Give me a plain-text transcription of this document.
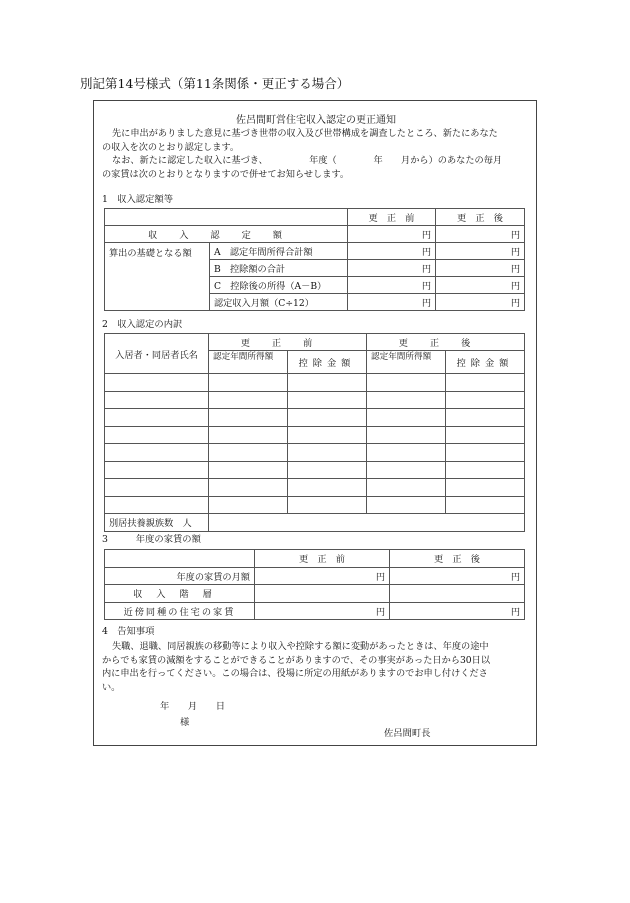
別記第14号様式（第11条関係・更正する場合）
佐呂間町営住宅収入認定の更正通知
先に申出がありました意見に基づき世帯の収入及び世帯構成を調査したところ、新たにあなた
の収入を次のとおり認定します。
なお、新たに認定した収入に基づき、　　　　　年度（　　　　年　　月から）のあなたの毎月
の家賃は次のとおりとなりますので併せてお知らせします。
1　収入認定額等
		更　正　前	更　正　後
収入認定額		円	円
算出の基礎となる額	A　認定年間所得合計額	円	円
	B　控除額の合計	円	円
	C　控除後の所得（A－B）	円	円
	認定収入月額（C÷12）	円	円
2　収入認定の内訳
入居者・同居者氏名	更正前		更正後	
	認定年間所得額	控除金額	認定年間所得額	控除金額

別居扶養親族数　人				
3　　　年度の家賃の額
	更　正　前	更　正　後
年度の家賃の月額	円	円
収入階層		
近傍同種の住宅の家賃	円	円
4　告知事項
失職、退職、同居親族の移動等により収入や控除する額に変動があったときは、年度の途中
からでも家賃の減額をすることができることがありますので、その事実があった日から30日以
内に申出を行ってください。この場合は、役場に所定の用紙がありますのでお申し付けくださ
い。
年　　月　　日
様
佐呂間町長
